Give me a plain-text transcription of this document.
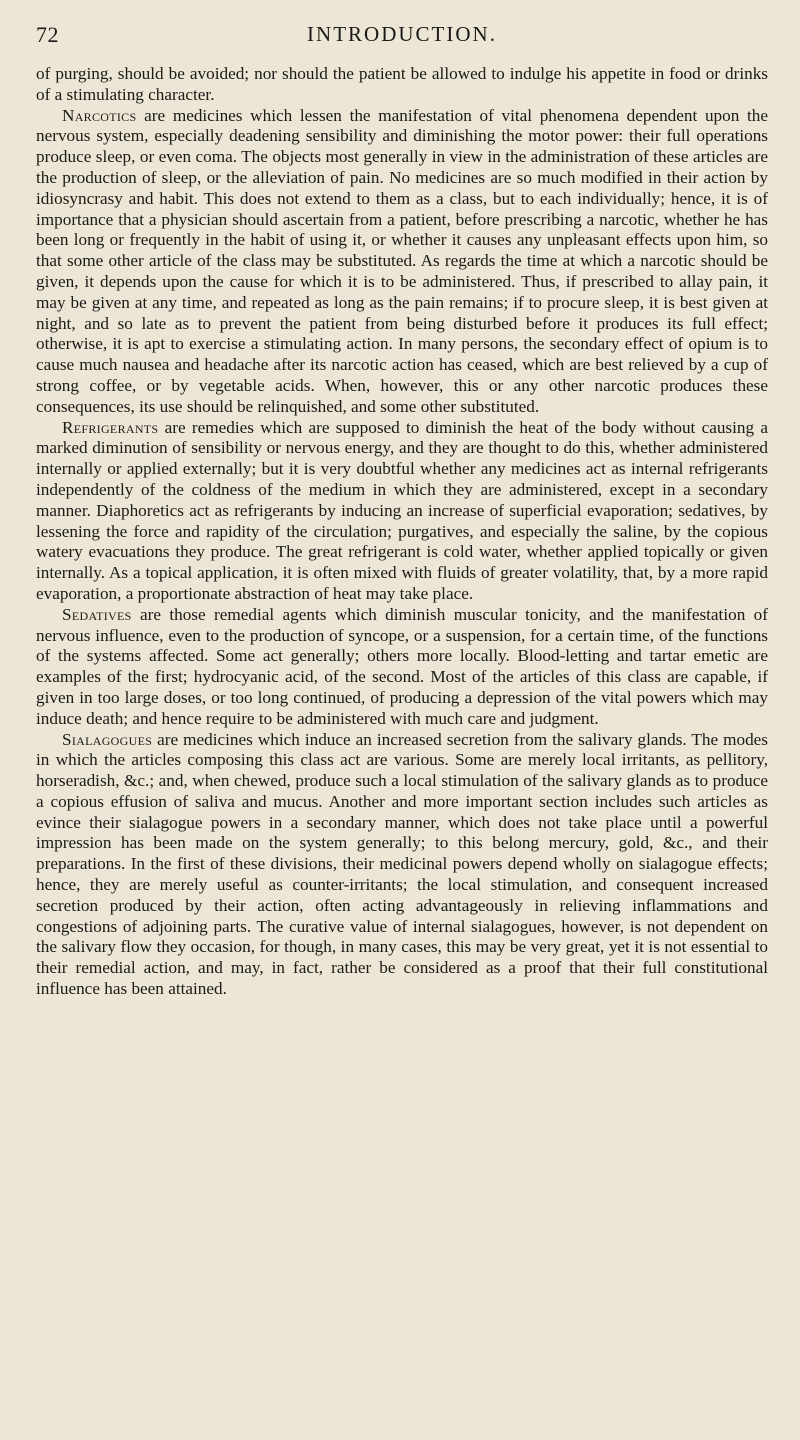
72	INTRODUCTION.

of purging, should be avoided; nor should the patient be allowed to indulge his appetite in food or drinks of a stimulating character.

Narcotics are medicines which lessen the manifestation of vital phenomena dependent upon the nervous system, especially deadening sensibility and diminishing the motor power: their full operations produce sleep, or even coma. The objects most generally in view in the administration of these articles are the production of sleep, or the alleviation of pain. No medicines are so much modified in their action by idiosyncrasy and habit. This does not extend to them as a class, but to each individually; hence, it is of importance that a physician should ascertain from a patient, before prescribing a narcotic, whether he has been long or frequently in the habit of using it, or whether it causes any unpleasant effects upon him, so that some other article of the class may be substituted. As regards the time at which a narcotic should be given, it depends upon the cause for which it is to be administered. Thus, if prescribed to allay pain, it may be given at any time, and repeated as long as the pain remains; if to procure sleep, it is best given at night, and so late as to prevent the patient from being disturbed before it produces its full effect; otherwise, it is apt to exercise a stimulating action. In many persons, the secondary effect of opium is to cause much nausea and headache after its narcotic action has ceased, which are best relieved by a cup of strong coffee, or by vegetable acids. When, however, this or any other narcotic produces these consequences, its use should be relinquished, and some other substituted.

Refrigerants are remedies which are supposed to diminish the heat of the body without causing a marked diminution of sensibility or nervous energy, and they are thought to do this, whether administered internally or applied externally; but it is very doubtful whether any medicines act as internal refrigerants independently of the coldness of the medium in which they are administered, except in a secondary manner. Diaphoretics act as refrigerants by inducing an increase of superficial evaporation; sedatives, by lessening the force and rapidity of the circulation; purgatives, and especially the saline, by the copious watery evacuations they produce. The great refrigerant is cold water, whether applied topically or given internally. As a topical application, it is often mixed with fluids of greater volatility, that, by a more rapid evaporation, a proportionate abstraction of heat may take place.

Sedatives are those remedial agents which diminish muscular tonicity, and the manifestation of nervous influence, even to the production of syncope, or a suspension, for a certain time, of the functions of the systems affected. Some act generally; others more locally. Blood-letting and tartar emetic are examples of the first; hydrocyanic acid, of the second. Most of the articles of this class are capable, if given in too large doses, or too long continued, of producing a depression of the vital powers which may induce death; and hence require to be administered with much care and judgment.

Sialagogues are medicines which induce an increased secretion from the salivary glands. The modes in which the articles composing this class act are various. Some are merely local irritants, as pellitory, horseradish, &c.; and, when chewed, produce such a local stimulation of the salivary glands as to produce a copious effusion of saliva and mucus. Another and more important section includes such articles as evince their sialagogue powers in a secondary manner, which does not take place until a powerful impression has been made on the system generally; to this belong mercury, gold, &c., and their preparations. In the first of these divisions, their medicinal powers depend wholly on sialagogue effects; hence, they are merely useful as counter-irritants; the local stimulation, and consequent increased secretion produced by their action, often acting advantageously in relieving inflammations and congestions of adjoining parts. The curative value of internal sialagogues, however, is not dependent on the salivary flow they occasion, for though, in many cases, this may be very great, yet it is not essential to their remedial action, and may, in fact, rather be considered as a proof that their full constitutional influence has been attained.
